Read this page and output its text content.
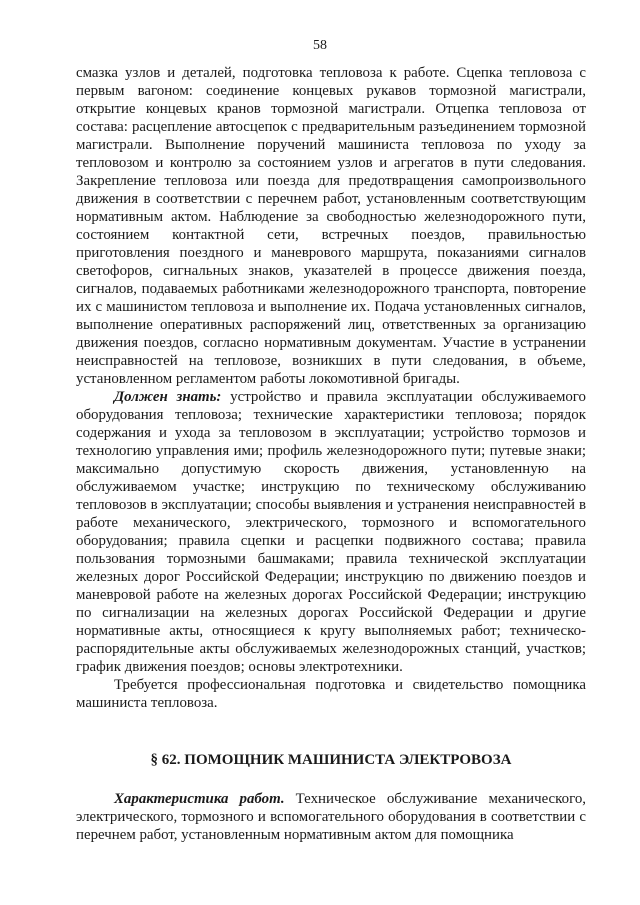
58

смазка узлов и деталей, подготовка тепловоза к работе. Сцепка тепловоза с первым вагоном: соединение концевых рукавов тормозной магистрали, открытие концевых кранов тормозной магистрали. Отцепка тепловоза от состава: расцепление автосцепок с предварительным разъединением тормозной магистрали. Выполнение поручений машиниста тепловоза по уходу за тепловозом и контролю за состоянием узлов и агрегатов в пути следования. Закрепление тепловоза или поезда для предотвращения самопроизвольного движения в соответствии с перечнем работ, установленным соответствующим нормативным актом. Наблюдение за свободностью железнодорожного пути, состоянием контактной сети, встречных поездов, правильностью приготовления поездного и маневрового маршрута, показаниями сигналов светофоров, сигнальных знаков, указателей в процессе движения поезда, сигналов, подаваемых работниками железнодорожного транспорта, повторение их с машинистом тепловоза и выполнение их. Подача установленных сигналов, выполнение оперативных распоряжений лиц, ответственных за организацию движения поездов, согласно нормативным документам. Участие в устранении неисправностей на тепловозе, возникших в пути следования, в объеме, установленном регламентом работы локомотивной бригады.

Должен знать: устройство и правила эксплуатации обслуживаемого оборудования тепловоза; технические характеристики тепловоза; порядок содержания и ухода за тепловозом в эксплуатации; устройство тормозов и технологию управления ими; профиль железнодорожного пути; путевые знаки; максимально допустимую скорость движения, установленную на обслуживаемом участке; инструкцию по техническому обслуживанию тепловозов в эксплуатации; способы выявления и устранения неисправностей в работе механического, электрического, тормозного и вспомогательного оборудования; правила сцепки и расцепки подвижного состава; правила пользования тормозными башмаками; правила технической эксплуатации железных дорог Российской Федерации; инструкцию по движению поездов и маневровой работе на железных дорогах Российской Федерации; инструкцию по сигнализации на железных дорогах Российской Федерации и другие нормативные акты, относящиеся к кругу выполняемых работ; техническо-распорядительные акты обслуживаемых железнодорожных станций, участков; график движения поездов; основы электротехники.

Требуется профессиональная подготовка и свидетельство помощника машиниста тепловоза.

§ 62. ПОМОЩНИК МАШИНИСТА ЭЛЕКТРОВОЗА

Характеристика работ. Техническое обслуживание механического, электрического, тормозного и вспомогательного оборудования в соответствии с перечнем работ, установленным нормативным актом для помощника
